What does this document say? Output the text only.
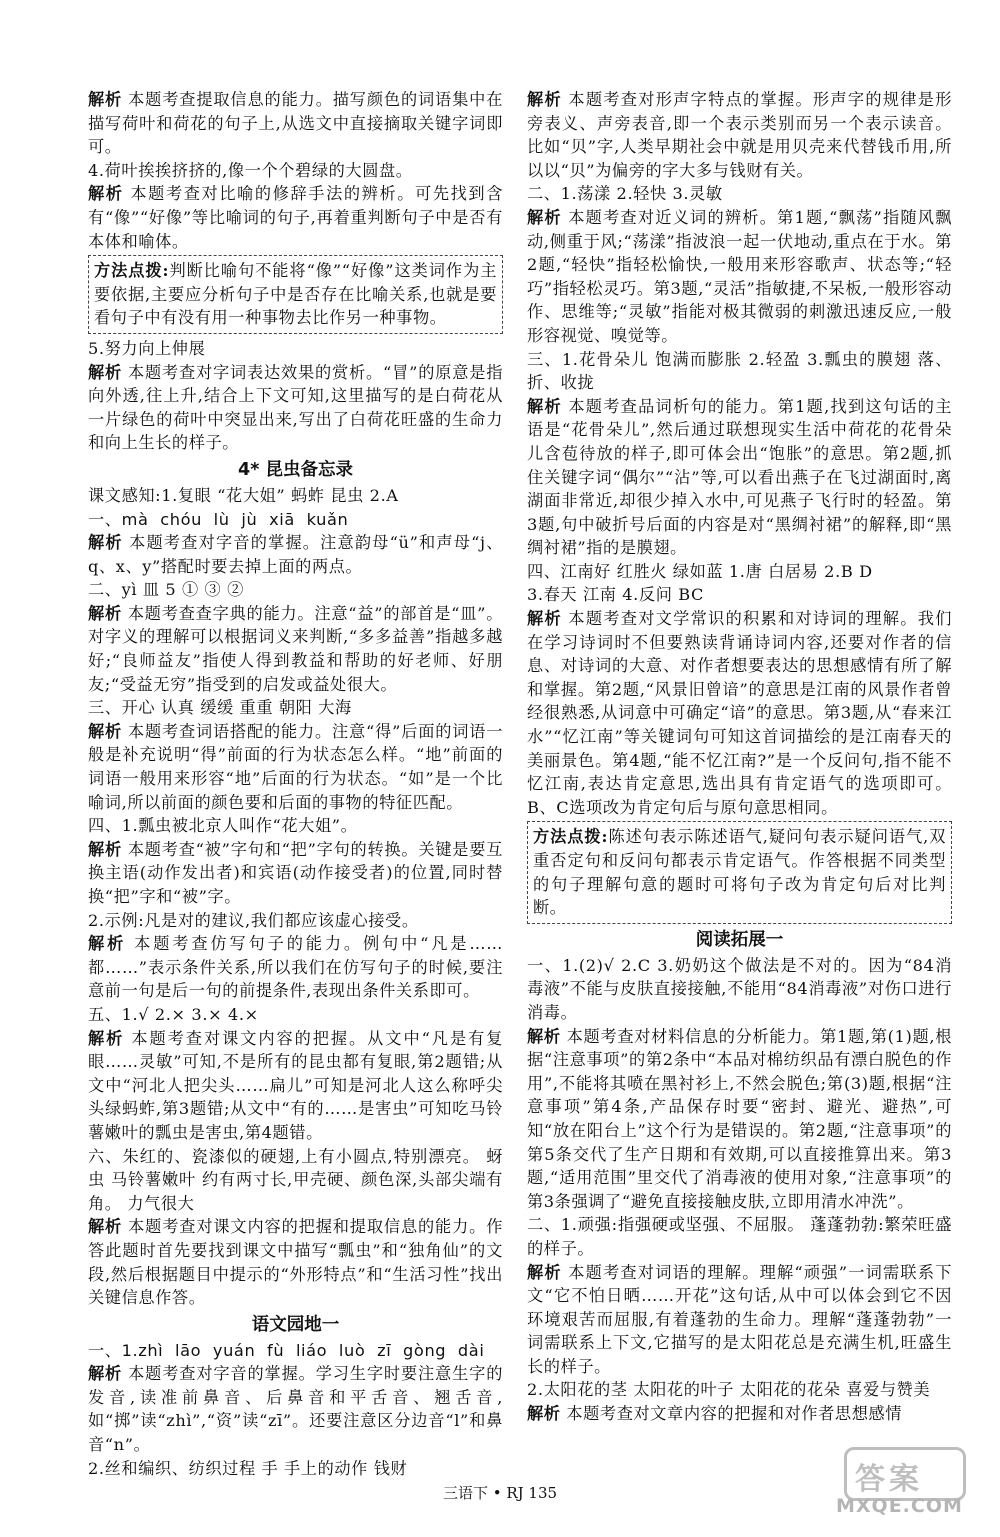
解析 本题考查提取信息的能力。描写颜色的词语集中在描写荷叶和荷花的句子上,从选文中直接摘取关键字词即可。

4.荷叶挨挨挤挤的,像一个个碧绿的大圆盘。

解析 本题考查对比喻的修辞手法的辨析。可先找到含有“像”“好像”等比喻词的句子,再着重判断句子中是否有本体和喻体。

方法点拨:判断比喻句不能将“像”“好像”这类词作为主要依据,主要应分析句子中是否存在比喻关系,也就是要看句子中有没有用一种事物去比作另一种事物。

5.努力向上伸展

解析 本题考查对字词表达效果的赏析。“冒”的原意是指向外透,往上升,结合上下文可知,这里描写的是白荷花从一片绿色的荷叶中突显出来,写出了白荷花旺盛的生命力和向上生长的样子。

4* 昆虫备忘录

课文感知:1.复眼 “花大姐” 蚂蚱 昆虫 2.A

一、mà chóu lù jù xiā kuǎn

解析 本题考查对字音的掌握。注意韵母“ü”和声母“j、q、x、y”搭配时要去掉上面的两点。

二、yì 皿 5 ① ③ ②

解析 本题考查查字典的能力。注意“益”的部首是“皿”。对字义的理解可以根据词义来判断,“多多益善”指越多越好;“良师益友”指使人得到教益和帮助的好老师、好朋友;“受益无穷”指受到的启发或益处很大。

三、开心 认真 缓缓 重重 朝阳 大海

解析 本题考查词语搭配的能力。注意“得”后面的词语一般是补充说明“得”前面的行为状态怎么样。“地”前面的词语一般用来形容“地”后面的行为状态。“如”是一个比喻词,所以前面的颜色要和后面的事物的特征匹配。

四、1.瓢虫被北京人叫作“花大姐”。

解析 本题考查“被”字句和“把”字句的转换。关键是要互换主语(动作发出者)和宾语(动作接受者)的位置,同时替换“把”字和“被”字。

2.示例:凡是对的建议,我们都应该虚心接受。

解析 本题考查仿写句子的能力。例句中“凡是……都……”表示条件关系,所以我们在仿写句子的时候,要注意前一句是后一句的前提条件,表现出条件关系即可。

五、1.√ 2.× 3.× 4.×

解析 本题考查对课文内容的把握。从文中“凡是有复眼……灵敏”可知,不是所有的昆虫都有复眼,第2题错;从文中“河北人把尖头……扁儿”可知是河北人这么称呼尖头绿蚂蚱,第3题错;从文中“有的……是害虫”可知吃马铃薯嫩叶的瓢虫是害虫,第4题错。

六、朱红的、瓷漆似的硬翅,上有小圆点,特别漂亮。 蚜虫 马铃薯嫩叶 约有两寸长,甲壳硬、颜色深,头部尖端有角。 力气很大

解析 本题考查对课文内容的把握和提取信息的能力。作答此题时首先要找到课文中描写“瓢虫”和“独角仙”的文段,然后根据题目中提示的“外形特点”和“生活习性”找出关键信息作答。

语文园地一

一、1.zhì lāo yuán fù liáo luò zī gòng dài

解析 本题考查对字音的掌握。学习生字时要注意生字的发音,读准前鼻音、后鼻音和平舌音、翘舌音,如“掷”读“zhì”,“资”读“zī”。还要注意区分边音“l”和鼻音“n”。

2.丝和编织、纺织过程 手 手上的动作 钱财

解析 本题考查对形声字特点的掌握。形声字的规律是形旁表义、声旁表音,即一个表示类别而另一个表示读音。比如“贝”字,人类早期社会中就是用贝壳来代替钱币用,所以以“贝”为偏旁的字大多与钱财有关。

二、1.荡漾 2.轻快 3.灵敏

解析 本题考查对近义词的辨析。第1题,“飘荡”指随风飘动,侧重于风;“荡漾”指波浪一起一伏地动,重点在于水。第2题,“轻快”指轻松愉快,一般用来形容歌声、状态等;“轻巧”指轻松灵巧。第3题,“灵活”指敏捷,不呆板,一般形容动作、思维等;“灵敏”指能对极其微弱的刺激迅速反应,一般形容视觉、嗅觉等。

三、1.花骨朵儿 饱满而膨胀 2.轻盈 3.瓢虫的膜翅 落、折、收拢

解析 本题考查品词析句的能力。第1题,找到这句话的主语是“花骨朵儿”,然后通过联想现实生活中荷花的花骨朵儿含苞待放的样子,即可体会出“饱胀”的意思。第2题,抓住关键字词“偶尔”“沾”等,可以看出燕子在飞过湖面时,离湖面非常近,却很少掉入水中,可见燕子飞行时的轻盈。第3题,句中破折号后面的内容是对“黑绸衬裙”的解释,即“黑绸衬裙”指的是膜翅。

四、江南好 红胜火 绿如蓝 1.唐 白居易 2.B D

3.春天 江南 4.反问 BC

解析 本题考查对文学常识的积累和对诗词的理解。我们在学习诗词时不但要熟读背诵诗词内容,还要对作者的信息、对诗词的大意、对作者想要表达的思想感情有所了解和掌握。第2题,“风景旧曾谙”的意思是江南的风景作者曾经很熟悉,从词意中可确定“谙”的意思。第3题,从“春来江水”“忆江南”等关键词句可知这首词描绘的是江南春天的美丽景色。第4题,“能不忆江南?”是一个反问句,指不能不忆江南,表达肯定意思,选出具有肯定语气的选项即可。B、C选项改为肯定句后与原句意思相同。

方法点拨:陈述句表示陈述语气,疑问句表示疑问语气,双重否定句和反问句都表示肯定语气。作答根据不同类型的句子理解句意的题时可将句子改为肯定句后对比判断。
阅读拓展一

一、1.(2)√ 2.C 3.奶奶这个做法是不对的。因为“84消毒液”不能与皮肤直接接触,不能用“84消毒液”对伤口进行消毒。

解析 本题考查对材料信息的分析能力。第1题,第(1)题,根据“注意事项”的第2条中“本品对棉纺织品有漂白脱色的作用”,不能将其喷在黑衬衫上,不然会脱色;第(3)题,根据“注意事项”第4条,产品保存时要“密封、避光、避热”,可知“放在阳台上”这个行为是错误的。第2题,“注意事项”的第5条交代了生产日期和有效期,可以直接推算出来。第3题,“适用范围”里交代了消毒液的使用对象,“注意事项”的第3条强调了“避免直接接触皮肤,立即用清水冲洗”。

二、1.顽强:指强硬或坚强、不屈服。 蓬蓬勃勃:繁荣旺盛的样子。

解析 本题考查对词语的理解。理解“顽强”一词需联系下文“它不怕日晒……开花”这句话,从中可以体会到它不因环境艰苦而屈服,有着蓬勃的生命力。理解“蓬蓬勃勃”一词需联系上下文,它描写的是太阳花总是充满生机,旺盛生长的样子。

2.太阳花的茎 太阳花的叶子 太阳花的花朵 喜爱与赞美

解析 本题考查对文章内容的把握和对作者思想感情

三语下 • RJ 135	答案
MXQE.COM
